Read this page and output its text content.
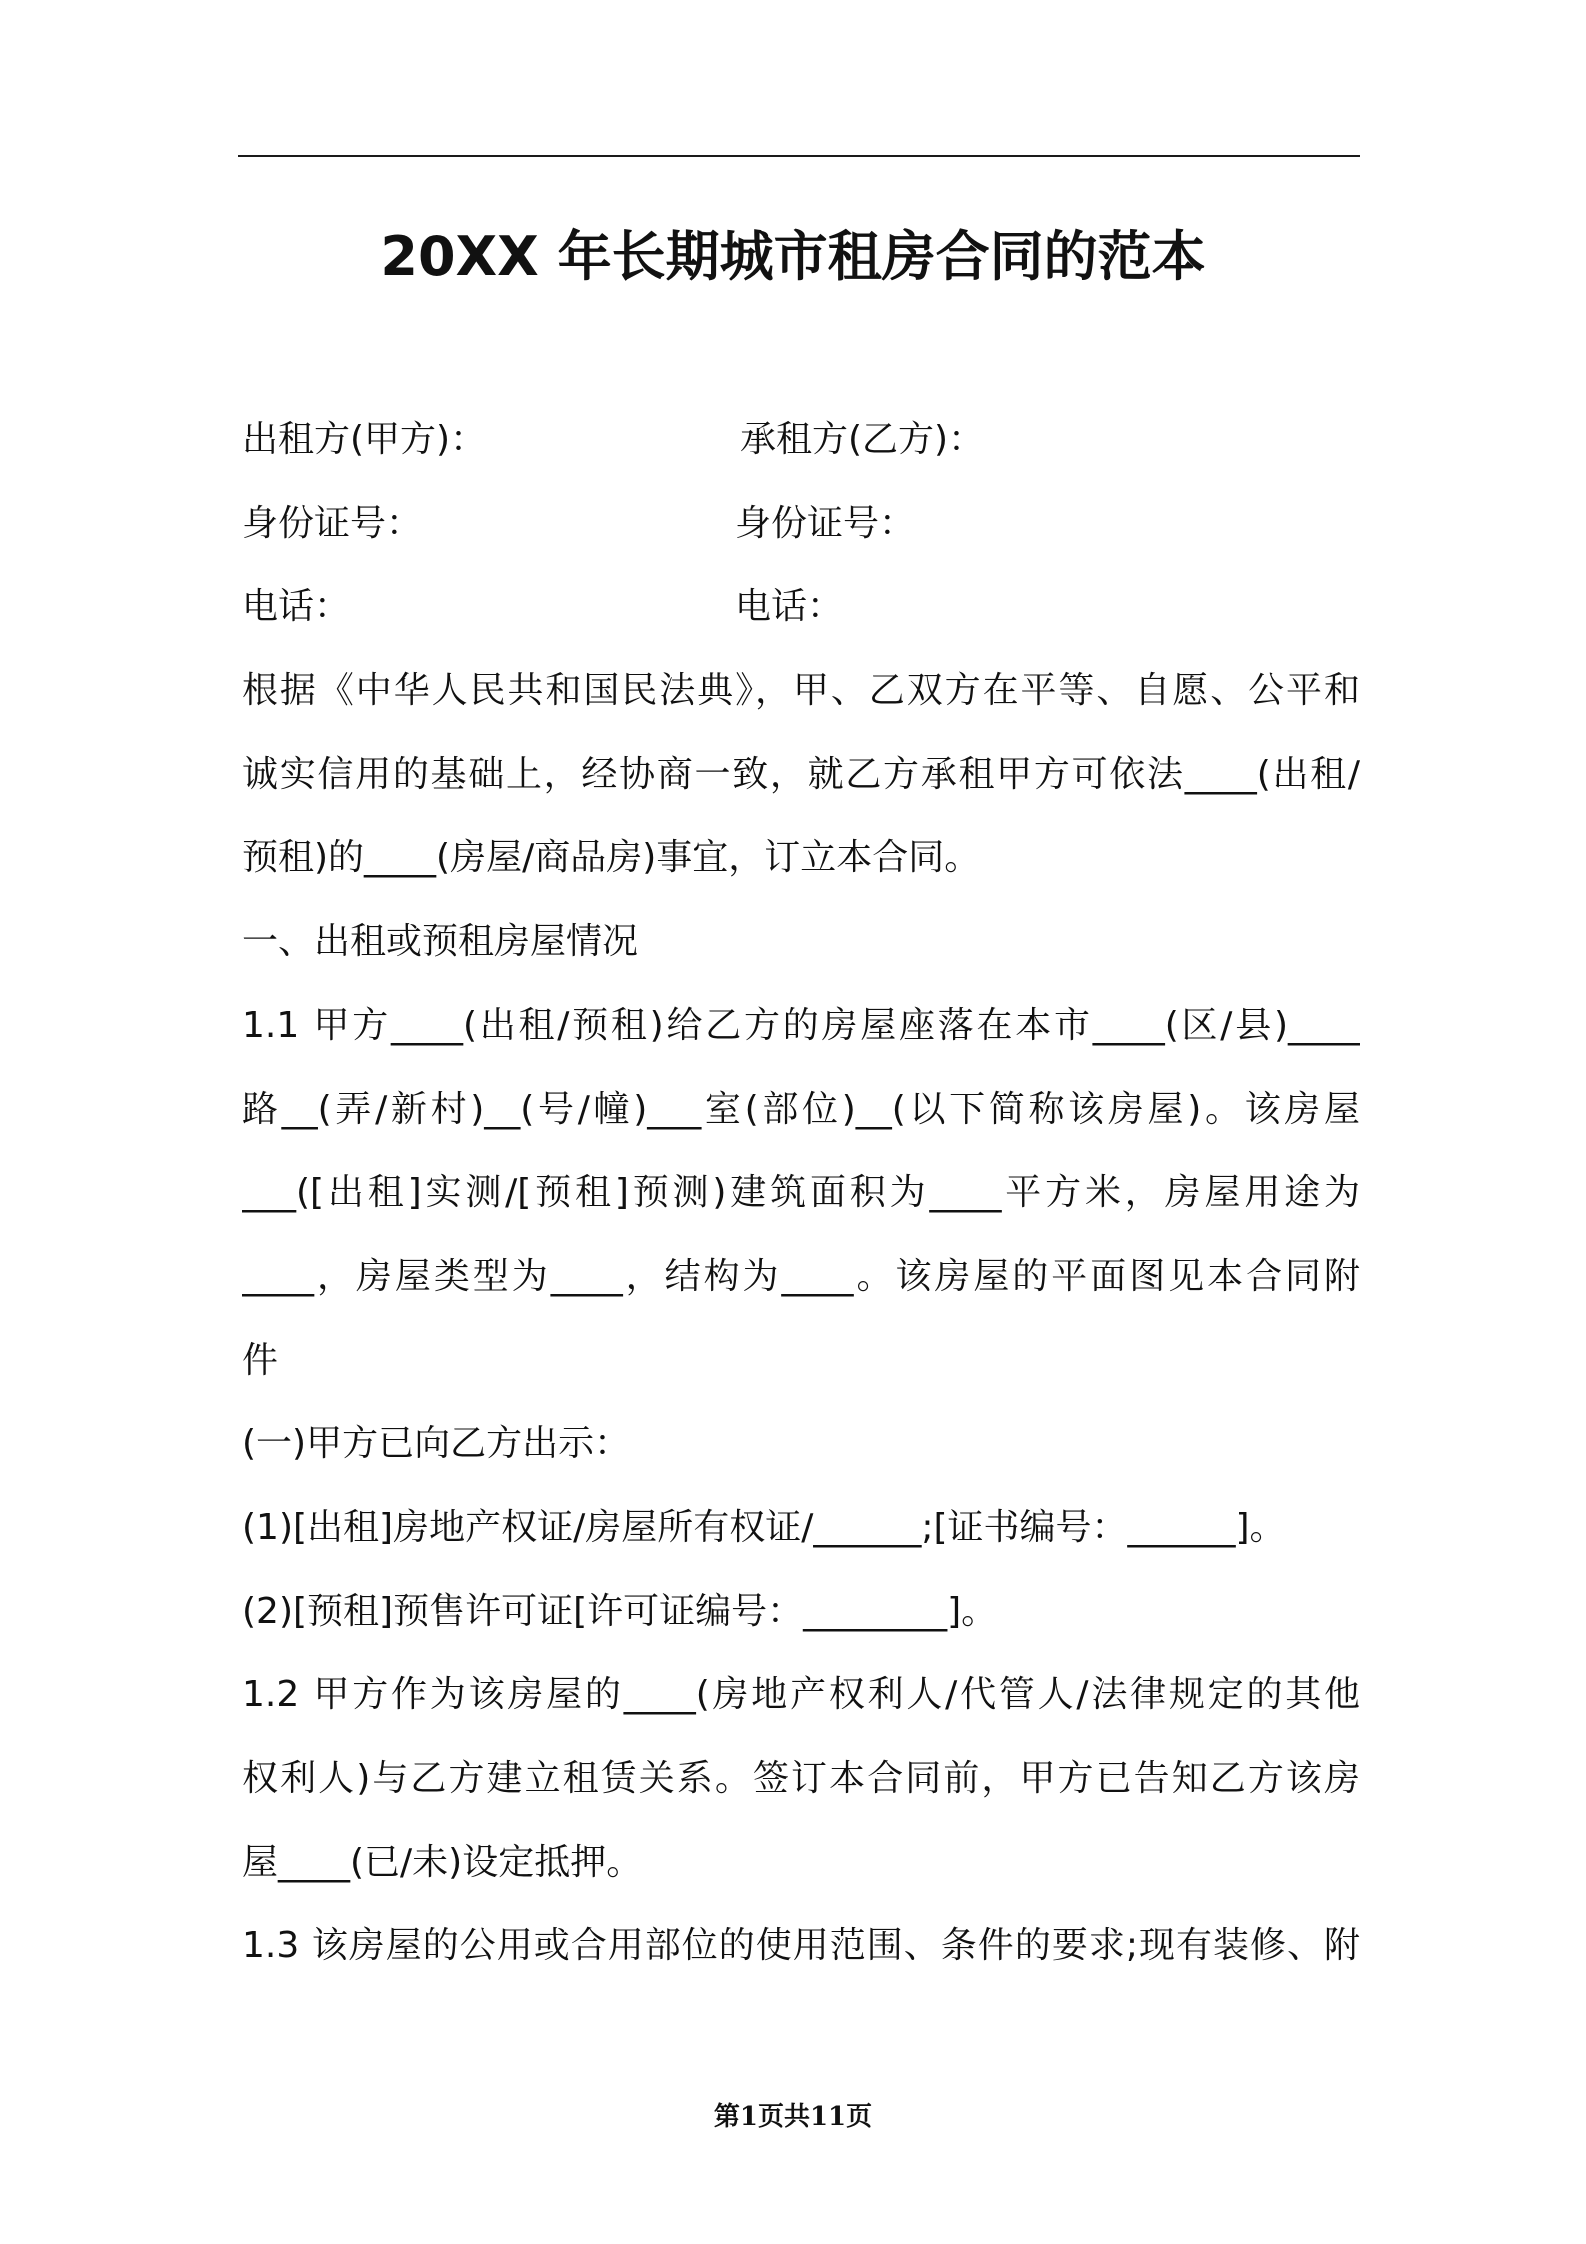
20XX 年长期城市租房合同的范本
出租方(甲方)：	承租方(乙方)：
身份证号：	身份证号：
电话：	电话：
根据《中华人民共和国民法典》，甲、乙双方在平等、自愿、公平和
诚实信用的基础上，经协商一致，就乙方承租甲方可依法____(出租/
预租)的____(房屋/商品房)事宜，订立本合同。
一、出租或预租房屋情况
1.1 甲方____(出租/预租)给乙方的房屋座落在本市____(区/县)____
路__(弄/新村)__(号/幢)___室(部位)__(以下简称该房屋)。该房屋
___([出租]实测/[预租]预测)建筑面积为____平方米，房屋用途为
____，房屋类型为____，结构为____。该房屋的平面图见本合同附
件
(一)甲方已向乙方出示：
(1)[出租]房地产权证/房屋所有权证/______;[证书编号：______]。
(2)[预租]预售许可证[许可证编号：________]。
1.2 甲方作为该房屋的____(房地产权利人/代管人/法律规定的其他
权利人)与乙方建立租赁关系。签订本合同前，甲方已告知乙方该房
屋____(已/未)设定抵押。
1.3 该房屋的公用或合用部位的使用范围、条件的要求;现有装修、附
第1页共11页
